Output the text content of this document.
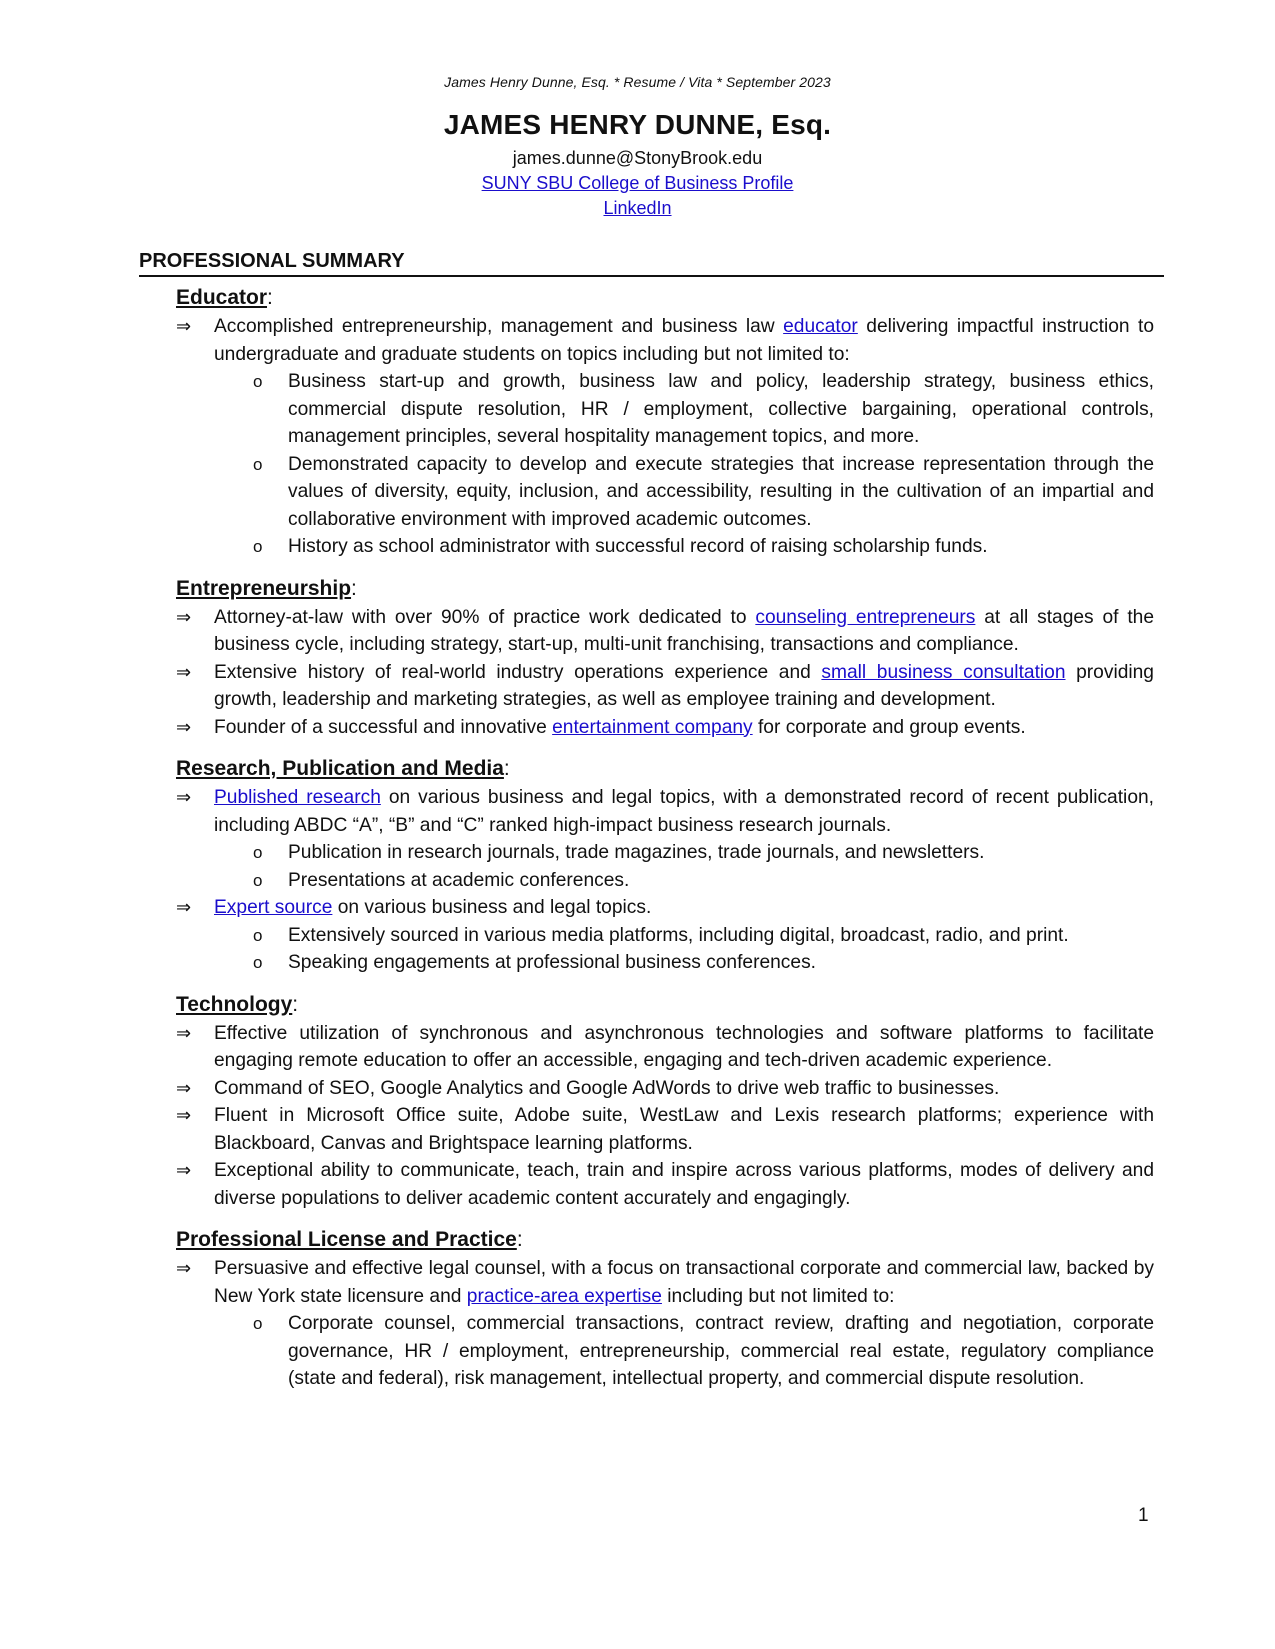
James Henry Dunne, Esq. * Resume / Vita * September 2023
JAMES HENRY DUNNE, Esq.
james.dunne@StonyBrook.edu
SUNY SBU College of Business Profile
LinkedIn
PROFESSIONAL SUMMARY
Educator:
⇒	Accomplished entrepreneurship, management and business law educator delivering impactful instruction to undergraduate and graduate students on topics including but not limited to:
o Business start-up and growth, business law and policy, leadership strategy, business ethics, commercial dispute resolution, HR / employment, collective bargaining, operational controls, management principles, several hospitality management topics, and more.
o Demonstrated capacity to develop and execute strategies that increase representation through the values of diversity, equity, inclusion, and accessibility, resulting in the cultivation of an impartial and collaborative environment with improved academic outcomes.
o History as school administrator with successful record of raising scholarship funds.
Entrepreneurship:
⇒	Attorney-at-law with over 90% of practice work dedicated to counseling entrepreneurs at all stages of the business cycle, including strategy, start-up, multi-unit franchising, transactions and compliance.
⇒	Extensive history of real-world industry operations experience and small business consultation providing growth, leadership and marketing strategies, as well as employee training and development.
⇒	Founder of a successful and innovative entertainment company for corporate and group events.
Research, Publication and Media:
⇒	Published research on various business and legal topics, with a demonstrated record of recent publication, including ABDC “A”, “B” and “C” ranked high-impact business research journals.
o Publication in research journals, trade magazines, trade journals, and newsletters.
o Presentations at academic conferences.
⇒	Expert source on various business and legal topics.
o Extensively sourced in various media platforms, including digital, broadcast, radio, and print.
o Speaking engagements at professional business conferences.
Technology:
⇒	Effective utilization of synchronous and asynchronous technologies and software platforms to facilitate engaging remote education to offer an accessible, engaging and tech-driven academic experience.
⇒	Command of SEO, Google Analytics and Google AdWords to drive web traffic to businesses.
⇒	Fluent in Microsoft Office suite, Adobe suite, WestLaw and Lexis research platforms; experience with Blackboard, Canvas and Brightspace learning platforms.
⇒	Exceptional ability to communicate, teach, train and inspire across various platforms, modes of delivery and diverse populations to deliver academic content accurately and engagingly.
Professional License and Practice:
⇒	Persuasive and effective legal counsel, with a focus on transactional corporate and commercial law, backed by New York state licensure and practice-area expertise including but not limited to:
o Corporate counsel, commercial transactions, contract review, drafting and negotiation, corporate governance, HR / employment, entrepreneurship, commercial real estate, regulatory compliance (state and federal), risk management, intellectual property, and commercial dispute resolution.
1
